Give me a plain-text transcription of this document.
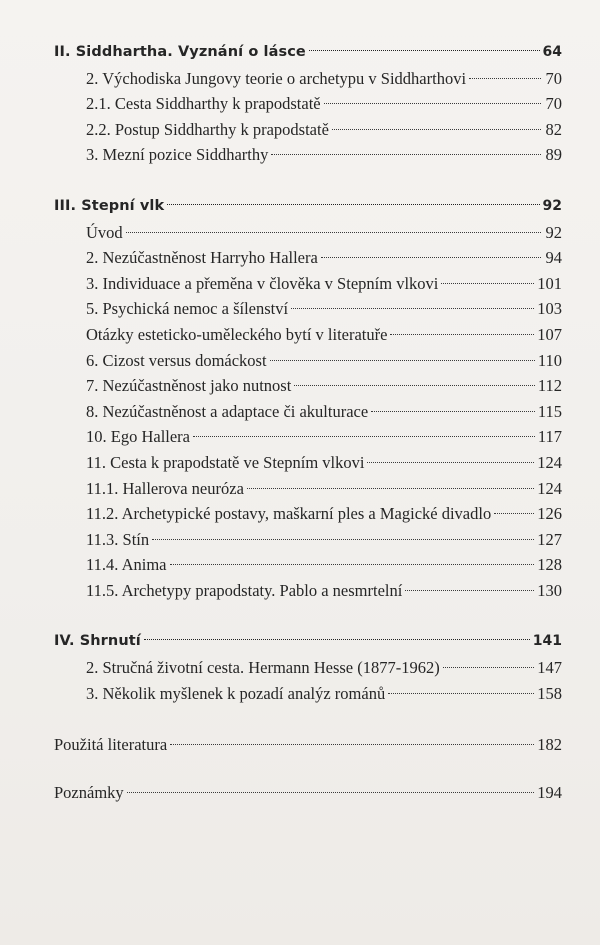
II. Siddhartha. Vyznání o lásce	64
2. Východiska Jungovy teorie o archetypu v Siddharthovi	70
2.1. Cesta Siddharthy k prapodstatě	70
2.2. Postup Siddharthy k prapodstatě	82
3. Mezní pozice Siddharthy	89
III. Stepní vlk	92
Úvod	92
2. Nezúčastněnost Harryho Hallera	94
3. Individuace a přeměna v člověka v Stepním vlkovi	101
5. Psychická nemoc a šílenství	103
Otázky esteticko-uměleckého bytí v literatuře	107
6. Cizost versus domáckost	110
7. Nezúčastněnost jako nutnost	112
8. Nezúčastněnost a adaptace či akulturace	115
10. Ego Hallera	117
11. Cesta k prapodstatě ve Stepním vlkovi	124
11.1. Hallerova neuróza	124
11.2. Archetypické postavy, maškarní ples a Magické divadlo	126
11.3. Stín	127
11.4. Anima	128
11.5. Archetypy prapodstaty. Pablo a nesmrtelní	130
IV. Shrnutí	141
2. Stručná životní cesta. Hermann Hesse (1877-1962)	147
3. Několik myšlenek k pozadí analýz románů	158
Použitá literatura	182
Poznámky	194
